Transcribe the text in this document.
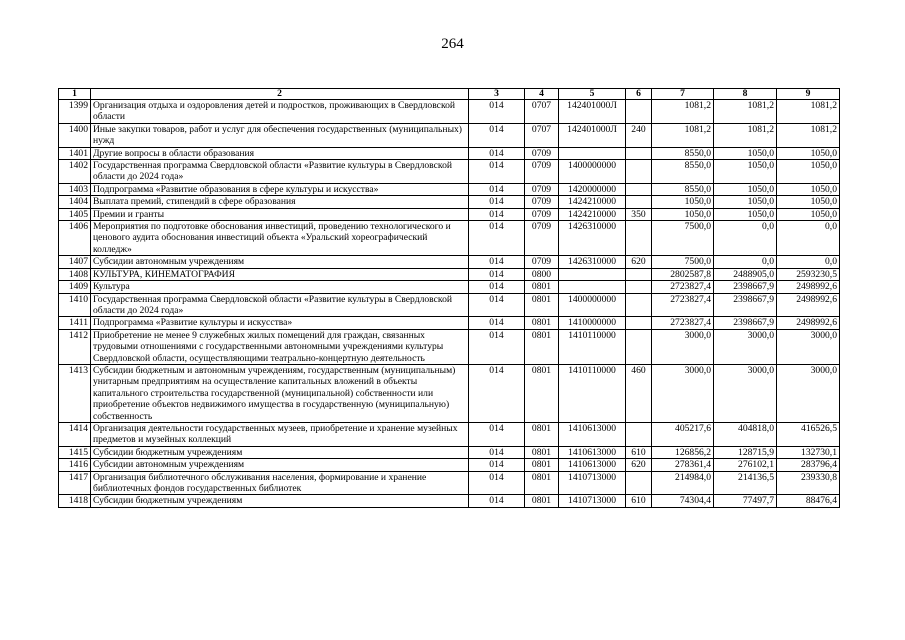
264
1	2	3	4	5	6	7	8	9
1399	Организация отдыха и оздоровления детей и подростков, проживающих в Свердловской области	014	0707	142401000Л		1081,2	1081,2	1081,2
1400	Иные закупки товаров, работ и услуг для обеспечения государственных (муниципальных) нужд	014	0707	142401000Л	240	1081,2	1081,2	1081,2
1401	Другие вопросы в области образования	014	0709			8550,0	1050,0	1050,0
1402	Государственная программа Свердловской области «Развитие культуры в Свердловской области до 2024 года»	014	0709	1400000000		8550,0	1050,0	1050,0
1403	Подпрограмма «Развитие образования в сфере культуры и искусства»	014	0709	1420000000		8550,0	1050,0	1050,0
1404	Выплата премий, стипендий в сфере образования	014	0709	1424210000		1050,0	1050,0	1050,0
1405	Премии и гранты	014	0709	1424210000	350	1050,0	1050,0	1050,0
1406	Мероприятия по подготовке обоснования инвестиций, проведению технологического и ценового аудита обоснования инвестиций объекта «Уральский хореографический колледж»	014	0709	1426310000		7500,0	0,0	0,0
1407	Субсидии автономным учреждениям	014	0709	1426310000	620	7500,0	0,0	0,0
1408	КУЛЬТУРА, КИНЕМАТОГРАФИЯ	014	0800			2802587,8	2488905,0	2593230,5
1409	Культура	014	0801			2723827,4	2398667,9	2498992,6
1410	Государственная программа Свердловской области «Развитие культуры в Свердловской области до 2024 года»	014	0801	1400000000		2723827,4	2398667,9	2498992,6
1411	Подпрограмма «Развитие культуры и искусства»	014	0801	1410000000		2723827,4	2398667,9	2498992,6
1412	Приобретение не менее 9 служебных жилых помещений для граждан, связанных трудовыми отношениями с государственными автономными учреждениями культуры Свердловской области, осуществляющими театрально-концертную деятельность	014	0801	1410110000		3000,0	3000,0	3000,0
1413	Субсидии бюджетным и автономным учреждениям, государственным (муниципальным) унитарным предприятиям на осуществление капитальных вложений в объекты капитального строительства государственной (муниципальной) собственности или приобретение объектов недвижимого имущества в государственную (муниципальную) собственность	014	0801	1410110000	460	3000,0	3000,0	3000,0
1414	Организация деятельности государственных музеев, приобретение и хранение музейных предметов и музейных коллекций	014	0801	1410613000		405217,6	404818,0	416526,5
1415	Субсидии бюджетным учреждениям	014	0801	1410613000	610	126856,2	128715,9	132730,1
1416	Субсидии автономным учреждениям	014	0801	1410613000	620	278361,4	276102,1	283796,4
1417	Организация библиотечного обслуживания населения, формирование и хранение библиотечных фондов государственных библиотек	014	0801	1410713000		214984,0	214136,5	239330,8
1418	Субсидии бюджетным учреждениям	014	0801	1410713000	610	74304,4	77497,7	88476,4
